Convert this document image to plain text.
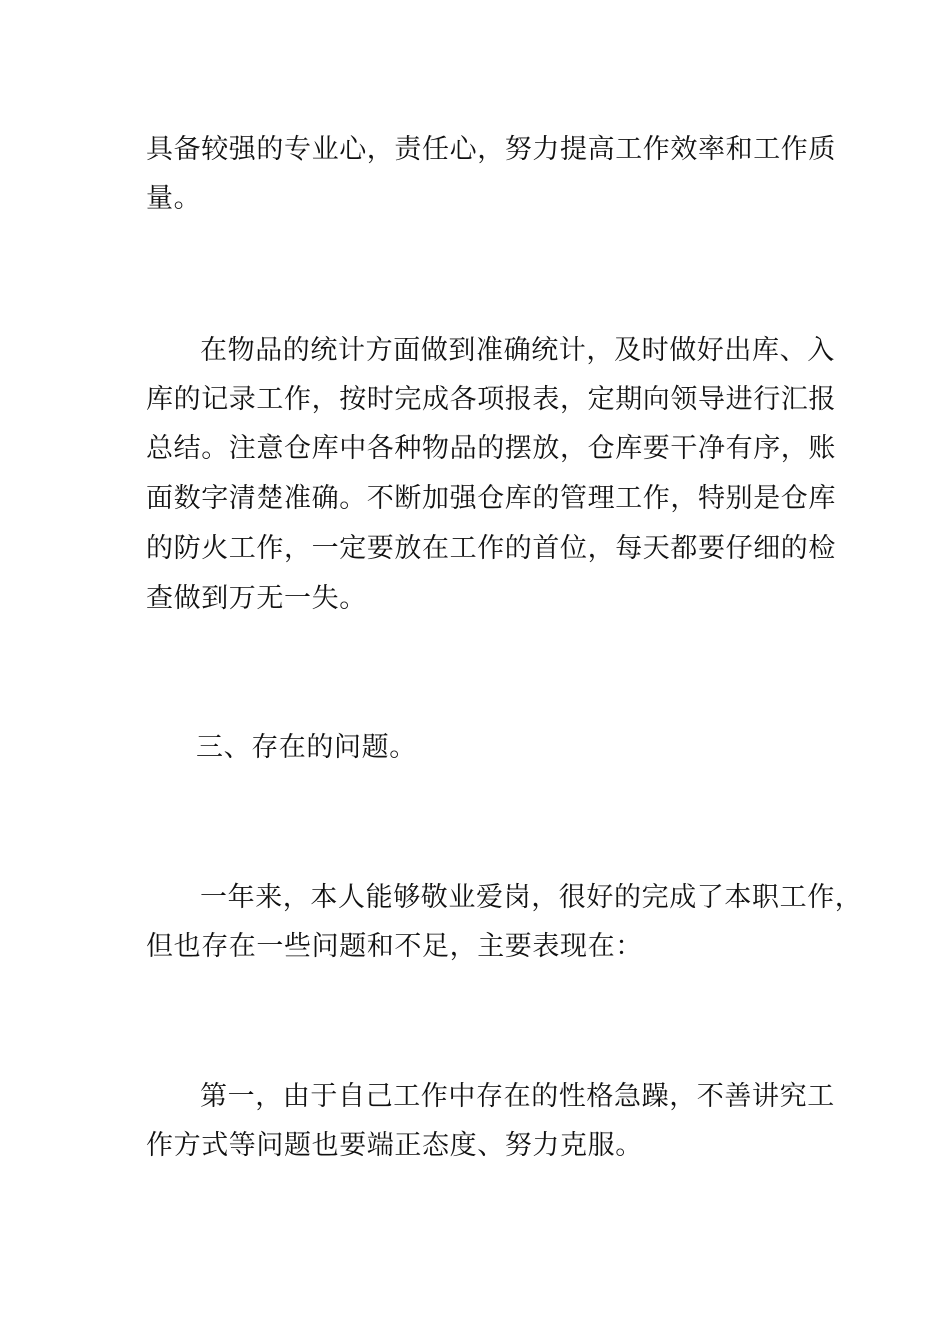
具备较强的专业心，责任心，努力提高工作效率和工作质
量。
在物品的统计方面做到准确统计，及时做好出库、入
库的记录工作，按时完成各项报表，定期向领导进行汇报
总结。注意仓库中各种物品的摆放，仓库要干净有序，账
面数字清楚准确。不断加强仓库的管理工作，特别是仓库
的防火工作，一定要放在工作的首位，每天都要仔细的检
查做到万无一失。
三、存在的问题。
一年来，本人能够敬业爱岗，很好的完成了本职工作，
但也存在一些问题和不足，主要表现在：
第一，由于自己工作中存在的性格急躁，不善讲究工
作方式等问题也要端正态度、努力克服。
